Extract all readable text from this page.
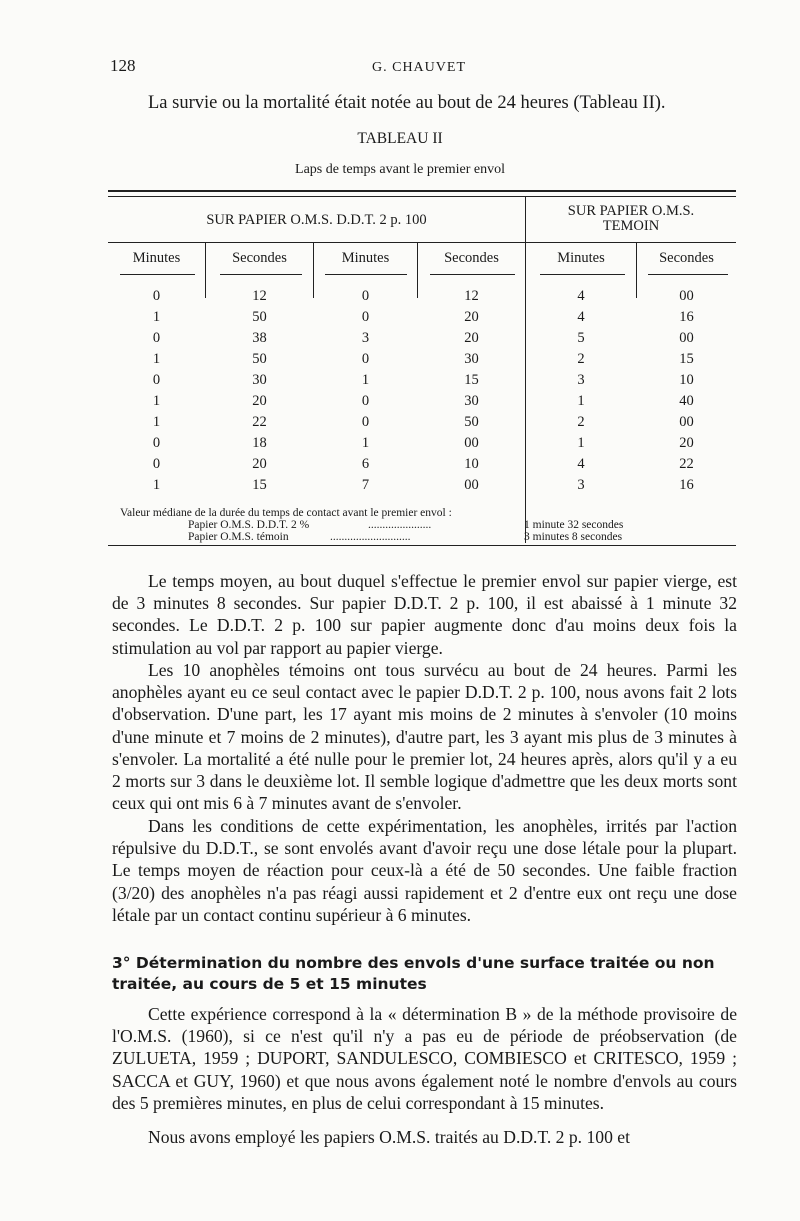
128	G. CHAUVET
La survie ou la mortalité était notée au bout de 24 heures (Tableau II).
TABLEAU II
Laps de temps avant le premier envol
SUR PAPIER O.M.S. D.D.T. 2 p. 100
SUR PAPIER O.M.S.
TEMOIN
Minutes	Secondes	Minutes	Secondes	Minutes	Secondes
0	12	0	12	4	00
1	50	0	20	4	16
0	38	3	20	5	00
1	50	0	30	2	15
0	30	1	15	3	10
1	20	0	30	1	40
1	22	0	50	2	00
0	18	1	00	1	20
0	20	6	10	4	22
1	15	7	00	3	16
Valeur médiane de la durée du temps de contact avant le premier envol :
Papier O.M.S. D.D.T. 2 %	......................	1 minute 32 secondes
Papier O.M.S. témoin	............................	3 minutes 8 secondes
Le temps moyen, au bout duquel s'effectue le premier envol sur papier vierge, est de 3 minutes 8 secondes. Sur papier D.D.T. 2 p. 100, il est abaissé à 1 minute 32 secondes. Le D.D.T. 2 p. 100 sur papier augmente donc d'au moins deux fois la stimulation au vol par rapport au papier vierge.
Les 10 anophèles témoins ont tous survécu au bout de 24 heures. Parmi les anophèles ayant eu ce seul contact avec le papier D.D.T. 2 p. 100, nous avons fait 2 lots d'observation. D'une part, les 17 ayant mis moins de 2 minutes à s'envoler (10 moins d'une minute et 7 moins de 2 minutes), d'autre part, les 3 ayant mis plus de 3 minutes à s'envoler. La mortalité a été nulle pour le premier lot, 24 heures après, alors qu'il y a eu 2 morts sur 3 dans le deuxième lot. Il semble logique d'admettre que les deux morts sont ceux qui ont mis 6 à 7 minutes avant de s'envoler.
Dans les conditions de cette expérimentation, les anophèles, irrités par l'action répulsive du D.D.T., se sont envolés avant d'avoir reçu une dose létale pour la plupart. Le temps moyen de réaction pour ceux-là a été de 50 secondes. Une faible fraction (3/20) des anophèles n'a pas réagi aussi rapidement et 2 d'entre eux ont reçu une dose létale par un contact continu supérieur à 6 minutes.
3° Détermination du nombre des envols d'une surface traitée ou non traitée, au cours de 5 et 15 minutes
Cette expérience correspond à la « détermination B » de la méthode provisoire de l'O.M.S. (1960), si ce n'est qu'il n'y a pas eu de période de préobservation (de ZULUETA, 1959 ; DUPORT, SANDULESCO, COMBIESCO et CRITESCO, 1959 ; SACCA et GUY, 1960) et que nous avons également noté le nombre d'envols au cours des 5 premières minutes, en plus de celui correspondant à 15 minutes.
Nous avons employé les papiers O.M.S. traités au D.D.T. 2 p. 100 et
